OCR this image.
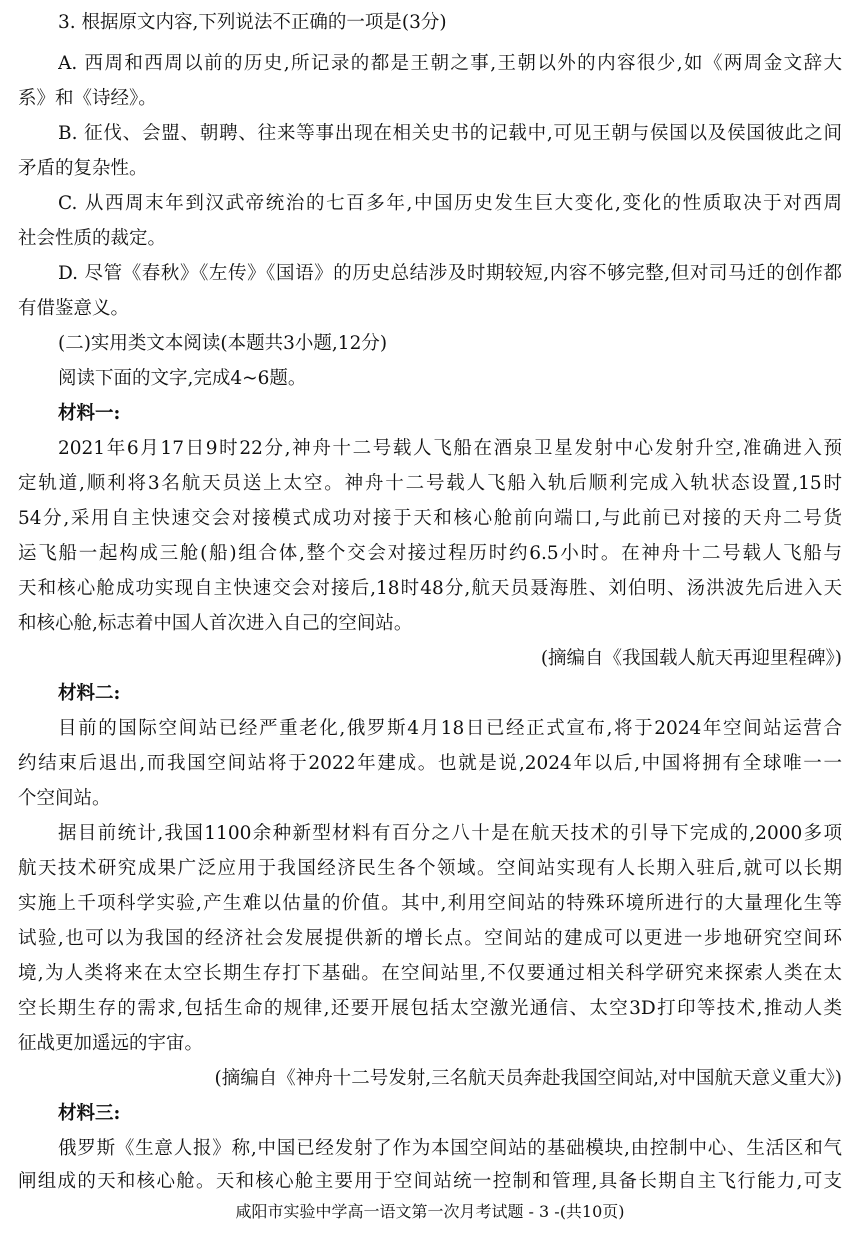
3. 根据原文内容,下列说法不正确的一项是(3分)
A. 西周和西周以前的历史,所记录的都是王朝之事,王朝以外的内容很少,如《两周金文辞大
系》和《诗经》。
B. 征伐、会盟、朝聘、往来等事出现在相关史书的记载中,可见王朝与侯国以及侯国彼此之间
矛盾的复杂性。
C. 从西周末年到汉武帝统治的七百多年,中国历史发生巨大变化,变化的性质取决于对西周
社会性质的裁定。
D. 尽管《春秋》《左传》《国语》的历史总结涉及时期较短,内容不够完整,但对司马迁的创作都
有借鉴意义。
(二)实用类文本阅读(本题共3小题,12分)
阅读下面的文字,完成4~6题。
材料一:
2021年6月17日9时22分,神舟十二号载人飞船在酒泉卫星发射中心发射升空,准确进入预
定轨道,顺利将3名航天员送上太空。神舟十二号载人飞船入轨后顺利完成入轨状态设置,15时
54分,采用自主快速交会对接模式成功对接于天和核心舱前向端口,与此前已对接的天舟二号货
运飞船一起构成三舱(船)组合体,整个交会对接过程历时约6.5小时。在神舟十二号载人飞船与
天和核心舱成功实现自主快速交会对接后,18时48分,航天员聂海胜、刘伯明、汤洪波先后进入天
和核心舱,标志着中国人首次进入自己的空间站。
(摘编自《我国载人航天再迎里程碑》)
材料二:
目前的国际空间站已经严重老化,俄罗斯4月18日已经正式宣布,将于2024年空间站运营合
约结束后退出,而我国空间站将于2022年建成。也就是说,2024年以后,中国将拥有全球唯一一
个空间站。
据目前统计,我国1100余种新型材料有百分之八十是在航天技术的引导下完成的,2000多项
航天技术研究成果广泛应用于我国经济民生各个领域。空间站实现有人长期入驻后,就可以长期
实施上千项科学实验,产生难以估量的价值。其中,利用空间站的特殊环境所进行的大量理化生等
试验,也可以为我国的经济社会发展提供新的增长点。空间站的建成可以更进一步地研究空间环
境,为人类将来在太空长期生存打下基础。在空间站里,不仅要通过相关科学研究来探索人类在太
空长期生存的需求,包括生命的规律,还要开展包括太空激光通信、太空3D打印等技术,推动人类
征战更加遥远的宇宙。
(摘编自《神舟十二号发射,三名航天员奔赴我国空间站,对中国航天意义重大》)
材料三:
俄罗斯《生意人报》称,中国已经发射了作为本国空间站的基础模块,由控制中心、生活区和气
闸组成的天和核心舱。天和核心舱主要用于空间站统一控制和管理,具备长期自主飞行能力,可支
咸阳市实验中学高一语文第一次月考试题 - 3 -(共10页)
